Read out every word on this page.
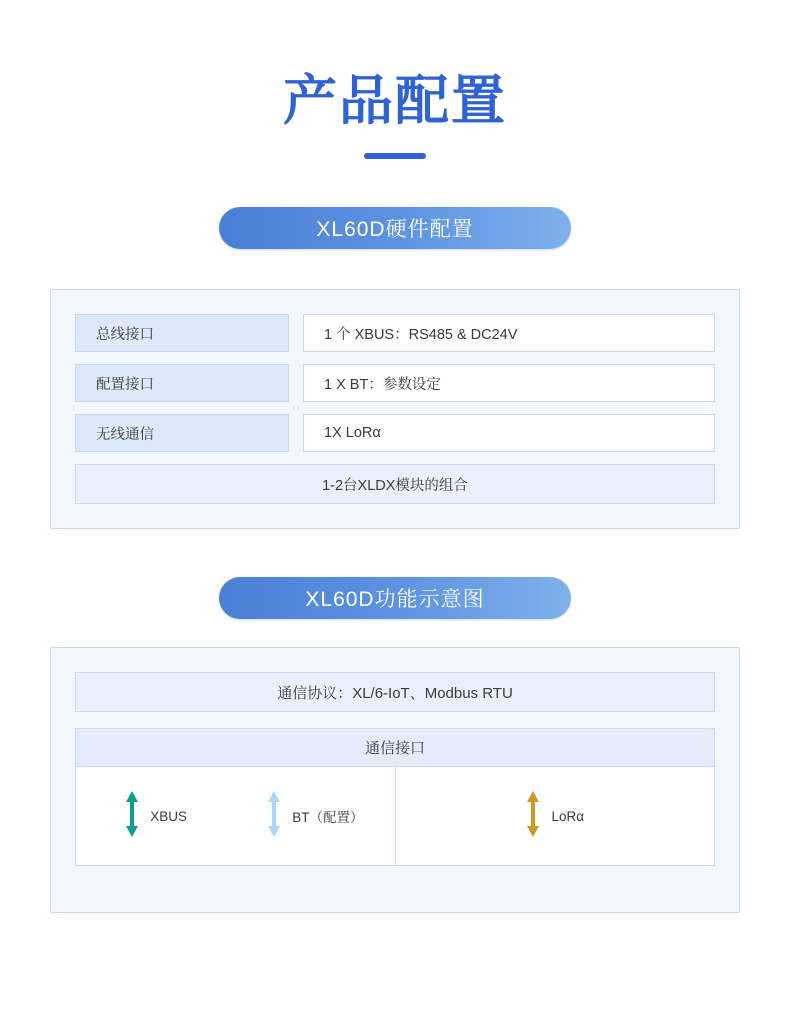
产品配置
XL60D硬件配置
总线接口	1 个 XBUS：RS485 & DC24V
配置接口	1 X BT：参数设定
无线通信	1X LoRα
1-2台XLDX模块的组合
XL60D功能示意图
通信协议：XL/6-IoT、Modbus RTU
通信接口
XBUS	BT（配置）	LoRα
